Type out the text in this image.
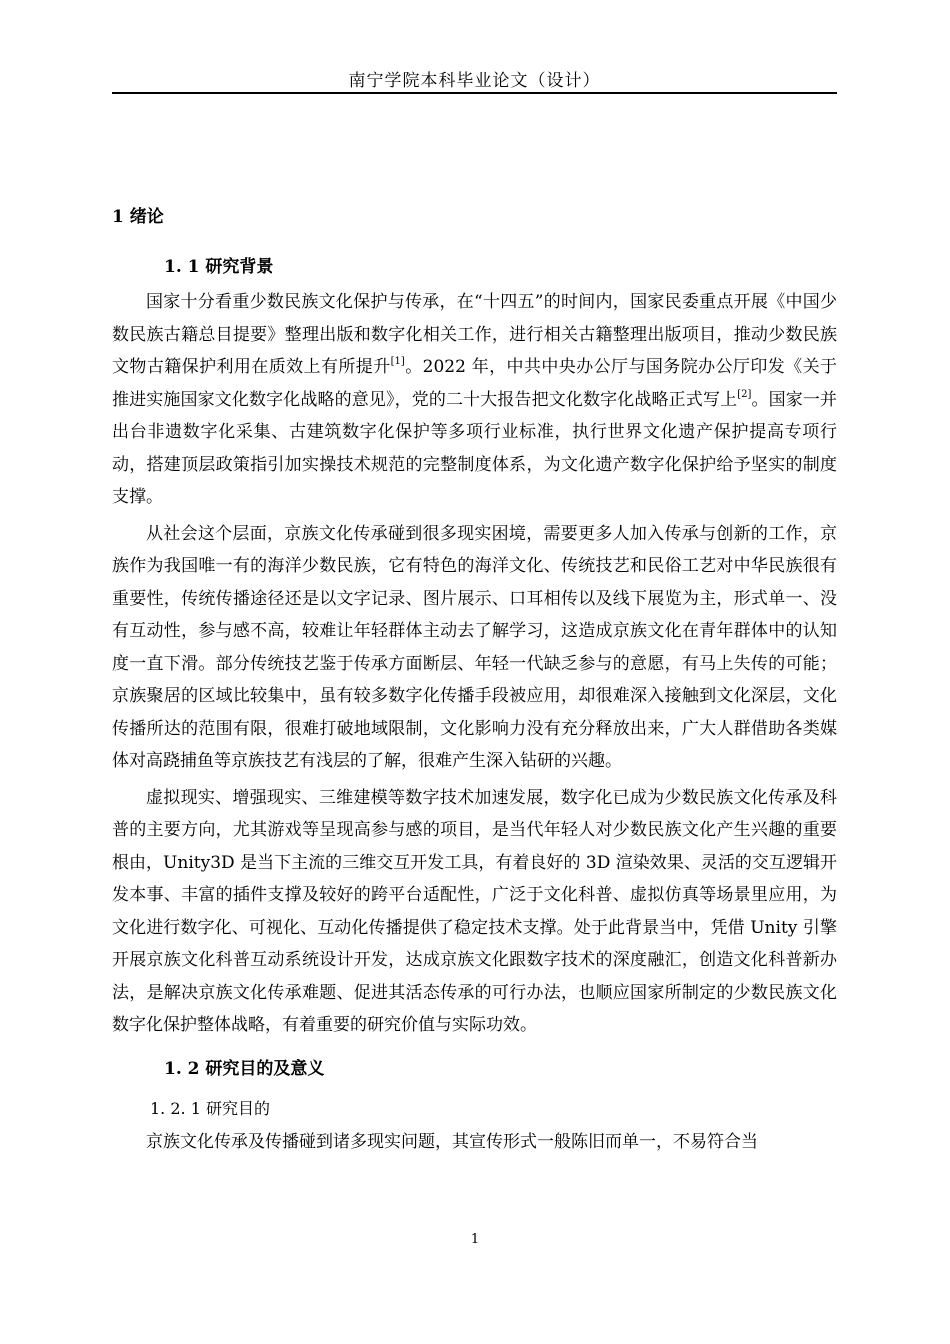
南宁学院本科毕业论文（设计）
1 绪论
1. 1 研究背景

国家十分看重少数民族文化保护与传承，在“十四五”的时间内，国家民委重点开展《中国少数民族古籍总目提要》整理出版和数字化相关工作，进行相关古籍整理出版项目，推动少数民族文物古籍保护利用在质效上有所提升[1]。2022 年，中共中央办公厅与国务院办公厅印发《关于推进实施国家文化数字化战略的意见》，党的二十大报告把文化数字化战略正式写上[2]。国家一并出台非遗数字化采集、古建筑数字化保护等多项行业标准，执行世界文化遗产保护提高专项行动，搭建顶层政策指引加实操技术规范的完整制度体系，为文化遗产数字化保护给予坚实的制度支撑。

从社会这个层面，京族文化传承碰到很多现实困境，需要更多人加入传承与创新的工作，京族作为我国唯一有的海洋少数民族，它有特色的海洋文化、传统技艺和民俗工艺对中华民族很有重要性，传统传播途径还是以文字记录、图片展示、口耳相传以及线下展览为主，形式单一、没有互动性，参与感不高，较难让年轻群体主动去了解学习，这造成京族文化在青年群体中的认知度一直下滑。部分传统技艺鉴于传承方面断层、年轻一代缺乏参与的意愿，有马上失传的可能；京族聚居的区域比较集中，虽有较多数字化传播手段被应用，却很难深入接触到文化深层，文化传播所达的范围有限，很难打破地域限制，文化影响力没有充分释放出来，广大人群借助各类媒体对高跷捕鱼等京族技艺有浅层的了解，很难产生深入钻研的兴趣。

虚拟现实、增强现实、三维建模等数字技术加速发展，数字化已成为少数民族文化传承及科普的主要方向，尤其游戏等呈现高参与感的项目，是当代年轻人对少数民族文化产生兴趣的重要根由，Unity3D 是当下主流的三维交互开发工具，有着良好的 3D 渲染效果、灵活的交互逻辑开发本事、丰富的插件支撑及较好的跨平台适配性，广泛于文化科普、虚拟仿真等场景里应用，为文化进行数字化、可视化、互动化传播提供了稳定技术支撑。处于此背景当中，凭借 Unity 引擎开展京族文化科普互动系统设计开发，达成京族文化跟数字技术的深度融汇，创造文化科普新办法，是解决京族文化传承难题、促进其活态传承的可行办法，也顺应国家所制定的少数民族文化数字化保护整体战略，有着重要的研究价值与实际功效。

1. 2 研究目的及意义
1. 2. 1 研究目的

京族文化传承及传播碰到诸多现实问题，其宣传形式一般陈旧而单一，不易符合当

1
